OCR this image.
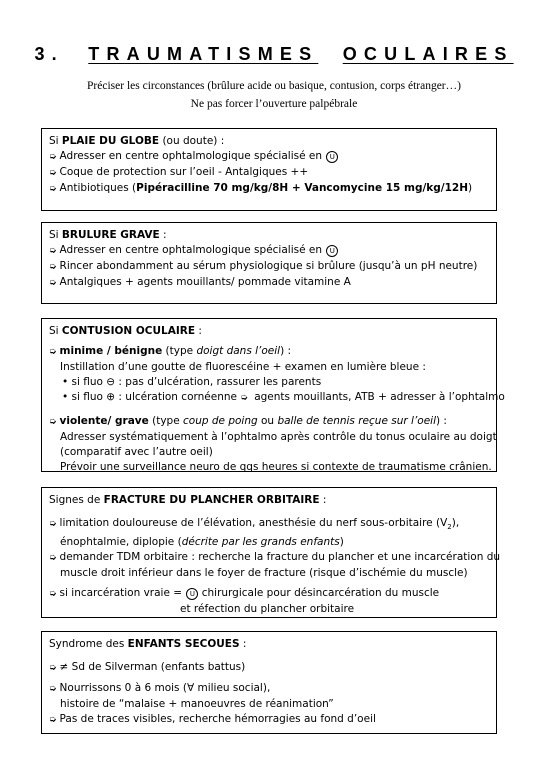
3. TRAUMATISMES OCULAIRES
Préciser les circonstances (brûlure acide ou basique, contusion, corps étranger…)
Ne pas forcer l’ouverture palpébrale
Si PLAIE DU GLOBE (ou doute) :
➭ Adresser en centre ophtalmologique spécialisé en U
➭ Coque de protection sur l’oeil - Antalgiques ++
➭ Antibiotiques (Pipéracilline 70 mg/kg/8H + Vancomycine 15 mg/kg/12H)
Si BRULURE GRAVE :
➭ Adresser en centre ophtalmologique spécialisé en U
➭ Rincer abondamment au sérum physiologique si brûlure (jusqu’à un pH neutre)
➭ Antalgiques + agents mouillants/ pommade vitamine A
Si CONTUSION OCULAIRE :
➭ minime / bénigne (type doigt dans l’oeil) :
Instillation d’une goutte de fluorescéine + examen en lumière bleue :
• si fluo ⊖ : pas d’ulcération, rassurer les parents
• si fluo ⊕ : ulcération cornéenne ➭ agents mouillants, ATB + adresser à l’ophtalmo
➭ violente/ grave (type coup de poing ou balle de tennis reçue sur l’oeil) :
Adresser systématiquement à l’ophtalmo après contrôle du tonus oculaire au doigt
(comparatif avec l’autre oeil)
Prévoir une surveillance neuro de qqs heures si contexte de traumatisme crânien.
Signes de FRACTURE DU PLANCHER ORBITAIRE :
➭ limitation douloureuse de l’élévation, anesthésie du nerf sous-orbitaire $(V_2)$,
énophtalmie, diplopie (décrite par les grands enfants)
➭ demander TDM orbitaire : recherche la fracture du plancher et une incarcération du
muscle droit inférieur dans le foyer de fracture (risque d’ischémie du muscle)
➭ si incarcération vraie = U chirurgicale pour désincarcération du muscle
et réfection du plancher orbitaire
Syndrome des ENFANTS SECOUES :
➭ ≠ Sd de Silverman (enfants battus)
➭ Nourrissons 0 à 6 mois (∀ milieu social),
histoire de “malaise + manoeuvres de réanimation”
➭ Pas de traces visibles, recherche hémorragies au fond d’oeil
